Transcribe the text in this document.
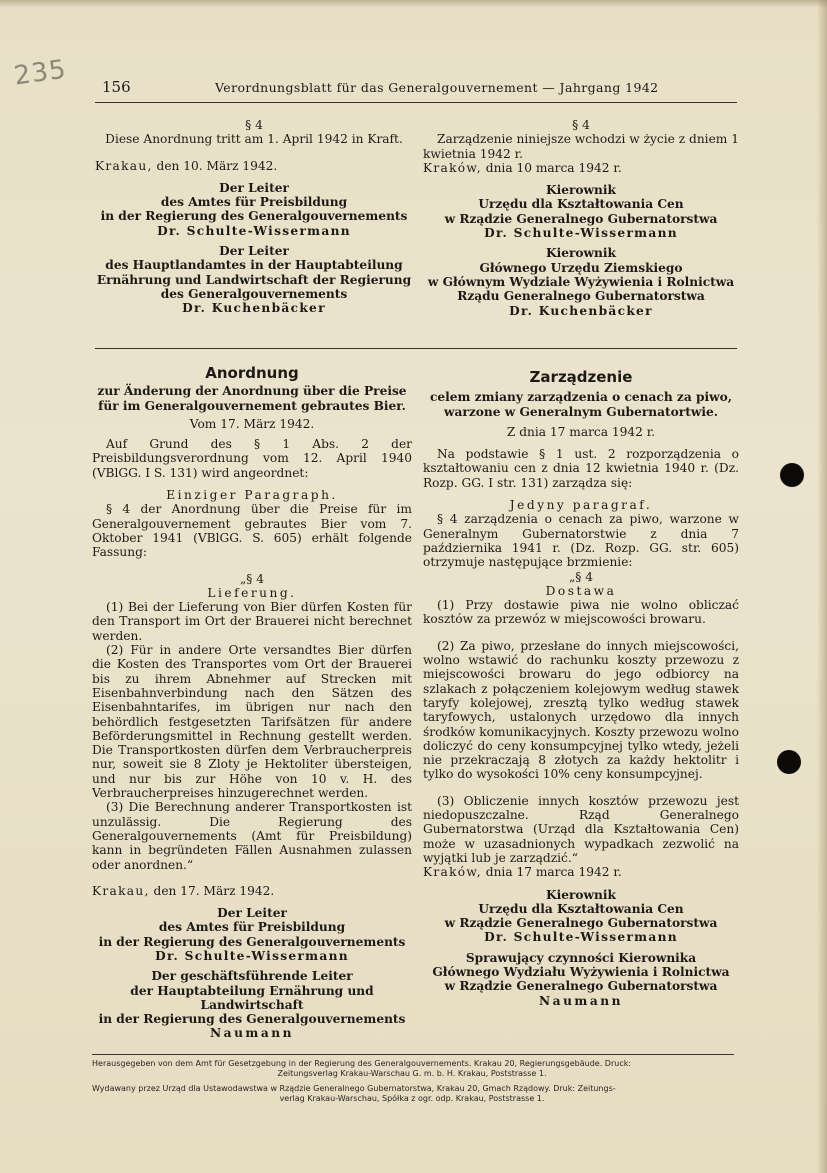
235 156	Verordnungsblatt für das Generalgouvernement — Jahrgang 1942

§ 4

Diese Anordnung tritt am 1. April 1942 in Kraft.

Krakau, den 10. März 1942.

Der Leiter

des Amtes für Preisbildung

in der Regierung des Generalgouvernements

Dr. Schulte-Wissermann

Der Leiter

des Hauptlandamtes in der Hauptabteilung

Ernährung und Landwirtschaft der Regierung

des Generalgouvernements

Dr. Kuchenbäcker

§ 4

Zarządzenie niniejsze wchodzi w życie z dniem 1 kwietnia 1942 r.

Kraków, dnia 10 marca 1942 r.

Kierownik

Urzędu dla Kształtowania Cen

w Rządzie Generalnego Gubernatorstwa

Dr. Schulte-Wissermann

Kierownik

Głównego Urzędu Ziemskiego

w Głównym Wydziale Wyżywienia i Rolnictwa

Rządu Generalnego Gubernatorstwa

Dr. Kuchenbäcker

Anordnung

zur Änderung der Anordnung über die Preise

für im Generalgouvernement gebrautes Bier.

Vom 17. März 1942.

Auf Grund des § 1 Abs. 2 der Preisbildungsverordnung vom 12. April 1940 (VBlGG. I S. 131) wird angeordnet:

Einziger Paragraph.

§ 4 der Anordnung über die Preise für im Generalgouvernement gebrautes Bier vom 7. Oktober 1941 (VBlGG. S. 605) erhält folgende Fassung:

„§ 4

Lieferung.

(1) Bei der Lieferung von Bier dürfen Kosten für den Transport im Ort der Brauerei nicht berechnet werden.

(2) Für in andere Orte versandtes Bier dürfen die Kosten des Transportes vom Ort der Brauerei bis zu ihrem Abnehmer auf Strecken mit Eisenbahnverbindung nach den Sätzen des Eisenbahntarifes, im übrigen nur nach den behördlich festgesetzten Tarifsätzen für andere Beförderungsmittel in Rechnung gestellt werden. Die Transportkosten dürfen dem Verbraucherpreis nur, soweit sie 8 Zloty je Hektoliter übersteigen, und nur bis zur Höhe von 10 v. H. des Verbraucherpreises hinzugerechnet werden.

(3) Die Berechnung anderer Transportkosten ist unzulässig. Die Regierung des Generalgouvernements (Amt für Preisbildung) kann in begründeten Fällen Ausnahmen zulassen oder anordnen.“

Krakau, den 17. März 1942.

Der Leiter

des Amtes für Preisbildung

in der Regierung des Generalgouvernements

Dr. Schulte-Wissermann

Der geschäftsführende Leiter

der Hauptabteilung Ernährung und Landwirtschaft

in der Regierung des Generalgouvernements

Naumann

Zarządzenie

celem zmiany zarządzenia o cenach za piwo,

warzone w Generalnym Gubernatortwie.

Z dnia 17 marca 1942 r.

Na podstawie § 1 ust. 2 rozporządzenia o kształtowaniu cen z dnia 12 kwietnia 1940 r. (Dz. Rozp. GG. I str. 131) zarządza się:

Jedyny paragraf.

§ 4 zarządzenia o cenach za piwo, warzone w Generalnym Gubernatorstwie z dnia 7 października 1941 r. (Dz. Rozp. GG. str. 605) otrzymuje następujące brzmienie:

„§ 4

Dostawa

(1) Przy dostawie piwa nie wolno obliczać kosztów za przewóz w miejscowości browaru.

(2) Za piwo, przesłane do innych miejscowości, wolno wstawić do rachunku koszty przewozu z miejscowości browaru do jego odbiorcy na szlakach z połączeniem kolejowym według stawek taryfy kolejowej, zresztą tylko według stawek taryfowych, ustalonych urzędowo dla innych środków komunikacyjnych. Koszty przewozu wolno doliczyć do ceny konsumpcyjnej tylko wtedy, jeżeli nie przekraczają 8 złotych za każdy hektolitr i tylko do wysokości 10% ceny konsumpcyjnej.

(3) Obliczenie innych kosztów przewozu jest niedopuszczalne. Rząd Generalnego Gubernatorstwa (Urząd dla Kształtowania Cen) może w uzasadnionych wypadkach zezwolić na wyjątki lub je zarządzić.“

Kraków, dnia 17 marca 1942 r.

Kierownik

Urzędu dla Kształtowania Cen

w Rządzie Generalnego Gubernatorstwa

Dr. Schulte-Wissermann

Sprawujący czynności Kierownika

Głównego Wydziału Wyżywienia i Rolnictwa

w Rządzie Generalnego Gubernatorstwa

Naumann

Herausgegeben von dem Amt für Gesetzgebung in der Regierung des Generalgouvernements. Krakau 20, Regierungsgebäude. Druck:

Zeitungsverlag Krakau-Warschau G. m. b. H. Krakau, Poststrasse 1.

Wydawany przez Urząd dla Ustawodawstwa w Rządzie Generalnego Gubernatorstwa, Krakau 20, Gmach Rządowy. Druk: Zeitungs-

verlag Krakau-Warschau, Spółka z ogr. odp. Krakau, Poststrasse 1.
